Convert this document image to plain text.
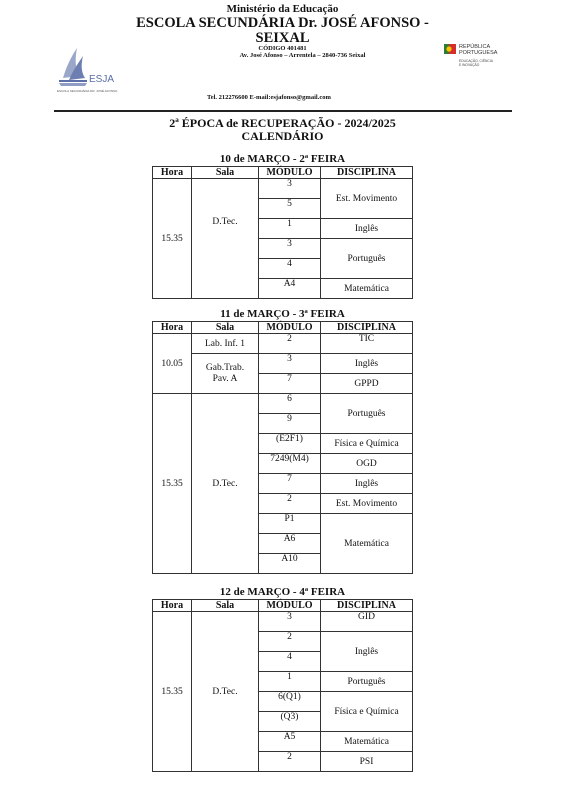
ESJA
ESCOLA SECUNDÁRIA DR. JOSÉ AFONSO
REPÚBLICA
PORTUGUESA
EDUCAÇÃO, CIÊNCIA
E INOVAÇÃO
Ministério da Educação
ESCOLA SECUNDÁRIA Dr. JOSÉ AFONSO -
SEIXAL
CÓDIGO 401481
Av. José Afonso – Arrentela – 2840-736 Seixal
Tel. 212276600 E-mail:esjafonso@gmail.com
2ª ÉPOCA de RECUPERAÇÃO - 2024/2025
CALENDÁRIO
10 de MARÇO - 2ª FEIRA
Hora	Sala	MÓDULO	DISCIPLINA
15.35	D.Tec.	3	Est. Movimento
		5	
		1	Inglês
		3	Português
		4	
		A4	Matemática
11 de MARÇO - 3ª FEIRA
Hora	Sala	MÓDULO	DISCIPLINA
10.05	Lab. Inf. 1	2	TIC
	Gab.Trab. Pav. A	3	Inglês
		7	GPPD
15.35	D.Tec.	6	Português
		9	
		(E2F1)	Física e Química
		7249(M4)	OGD
		7	Inglês
		2	Est. Movimento
		P1	Matemática
		A6	
		A10	
12 de MARÇO - 4ª FEIRA
Hora	Sala	MÓDULO	DISCIPLINA
15.35	D.Tec.	3	GID
		2	Inglês
		4	
		1	Português
		6(Q1)	Física e Química
		(Q3)	
		A5	Matemática
		2	PSI
